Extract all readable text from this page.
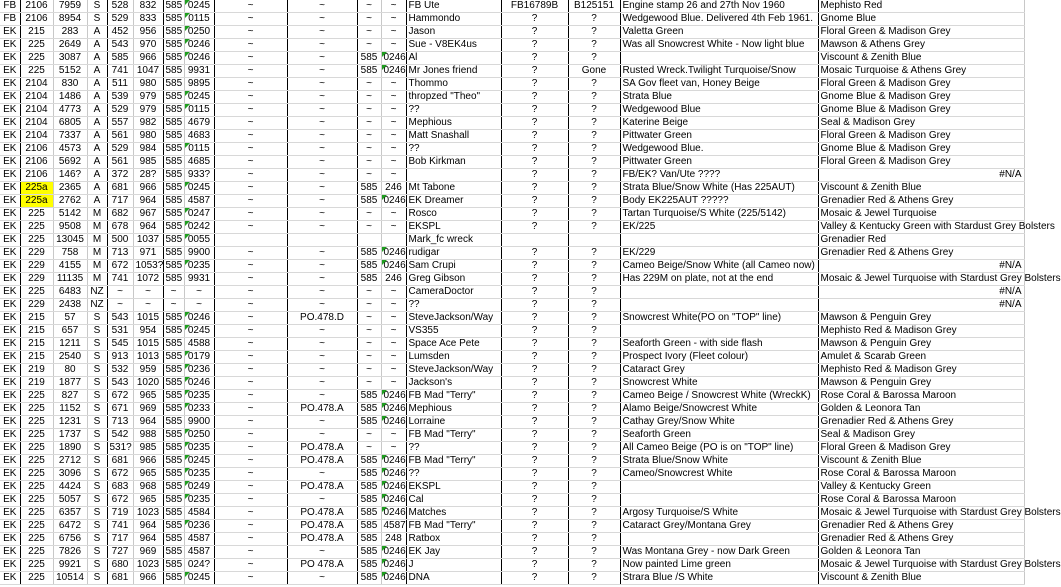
FB	2106	7959	S	528	832	585	0245	~	~	~	~	FB Ute	FB16789B	B125151	Engine stamp 26 and 27th Nov 1960	Mephisto Red
FB	2106	8954	S	529	833	585	0115	~	~	~	~	Hammondo	?	?	Wedgewood Blue. Delivered 4th Feb 1961.	Gnome Blue
EK	215	283	A	452	956	585	0250	~	~	~	~	Jason	?	?	Valetta Green	Floral Green & Madison Grey
EK	225	2649	A	543	970	585	0246	~	~	~	~	Sue - V8EK4us	?	?	Was all Snowcrest White - Now light blue	Mawson & Athens Grey
EK	225	3087	A	585	966	585	0246	~	~	585	0246	Al	?	?		Viscount & Zenith Blue
EK	225	5152	A	741	1047	585	9931	~	~	585	0246	Mr Jones friend	?	Gone	Rusted Wreck.Twilight Turquoise/Snow	Mosaic Turquoise & Athens Grey
EK	2104	830	A	511	980	585	9895	~	~	~	~	Thommo	?	?	SA Gov fleet van, Honey Beige	Floral Green & Madison Grey
EK	2104	1486	A	539	979	585	0245	~	~	~	~	thropzed "Theo"	?	?	Strata Blue	Gnome Blue & Madison Grey
EK	2104	4773	A	529	979	585	0115	~	~	~	~	??	?	?	Wedgewood Blue	Gnome Blue & Madison Grey
EK	2104	6805	A	557	982	585	4679	~	~	~	~	Mephious	?	?	Katerine Beige	Seal & Madison Grey
EK	2104	7337	A	561	980	585	4683	~	~	~	~	Matt Snashall	?	?	Pittwater Green	Floral Green & Madison Grey
EK	2106	4573	A	529	984	585	0115	~	~	~	~	??	?	?	Wedgewood Blue.	Gnome Blue & Madison Grey
EK	2106	5692	A	561	985	585	4685	~	~	~	~	Bob Kirkman	?	?	Pittwater Green	Floral Green & Madison Grey
EK	2106	146?	A	372	28?	585	933?	~	~	~	~		?	?	FB/EK? Van/Ute ????	#N/A
EK	225a	2365	A	681	966	585	0245	~	~	585	246	Mt Tabone	?	?	Strata Blue/Snow White (Has 225AUT)	Viscount & Zenith Blue
EK	225a	2762	A	717	964	585	4587	~	~	585	0246	EK Dreamer	?	?	Body EK225AUT ?????	Grenadier Red & Athens Grey
EK	225	5142	M	682	967	585	0247	~	~	~	~	Rosco	?	?	Tartan Turquoise/S White (225/5142)	Mosaic & Jewel Turquoise
EK	225	9508	M	678	964	585	0242	~	~	~	~	EKSPL	?	?	EK/225	Valley & Kentucky Green with Stardust Grey Bolsters
EK	225	13045	M	500	1037	585	0055					Mark_fc wreck				Grenadier Red
EK	229	758	M	713	971	585	9900	~	~	585	0246	rudigar	?	?	EK/229	Grenadier Red & Athens Grey
EK	229	4155	M	672	1053?	585	0235	~	~	585	0246	Sam Crupi	?	?	Cameo Beige/Snow White (all Cameo now)	#N/A
EK	229	11135	M	741	1072	585	9931	~	~	585	246	Greg Gibson	?	?	Has 229M on plate, not at the end	Mosaic & Jewel Turquoise with Stardust Grey Bolsters
EK	225	6483	NZ	~	~	~	~	~	~	~	~	CameraDoctor	?	?		#N/A
EK	229	2438	NZ	~	~	~	~	~	~	~	~	??	?	?		#N/A
EK	215	57	S	543	1015	585	0246	~	PO.478.D	~	~	SteveJackson/Way	?	?	Snowcrest White(PO on "TOP" line)	Mawson & Penguin Grey
EK	215	657	S	531	954	585	0245	~	~	~	~	VS355	?	?		Mephisto Red & Madison Grey
EK	215	1211	S	545	1015	585	4588	~	~	~	~	Space Ace Pete	?	?	Seaforth Green - with side flash	Mawson & Penguin Grey
EK	215	2540	S	913	1013	585	0179	~	~	~	~	Lumsden	?	?	Prospect Ivory (Fleet colour)	Amulet & Scarab Green
EK	219	80	S	532	959	585	0236	~	~	~	~	SteveJackson/Way	?	?	Cataract Grey	Mephisto Red & Madison Grey
EK	219	1877	S	543	1020	585	0246	~	~	~	~	Jackson's	?	?	Snowcrest White	Mawson & Penguin Grey
EK	225	827	S	672	965	585	0235	~	~	585	0246	FB Mad "Terry"	?	?	Cameo Beige / Snowcrest White (WreckK)	Rose Coral & Barossa Maroon
EK	225	1152	S	671	969	585	0233	~	PO.478.A	585	0246	Mephious	?	?	Alamo Beige/Snowcrest White	Golden & Leonora Tan
EK	225	1231	S	713	964	585	9900	~	~	585	0246	Lorraine	?	?	Cathay Grey/Snow White	Grenadier Red & Athens Grey
EK	225	1737	S	542	988	585	0250	~	~	~	~	FB Mad "Terry"	?	?	Seaforth Green	Seal & Madison Grey
EK	225	1890	S	531?	985	585	0235	~	PO.478.A	~	~	??	?	?	All Cameo Beige (PO is on "TOP" line)	Floral Green & Madison Grey
EK	225	2712	S	681	966	585	0245	~	PO.478.A	585	0246	FB Mad "Terry"	?	?	Strata Blue/Snow White	Viscount & Zenith Blue
EK	225	3096	S	672	965	585	0235	~	~	585	0246	??	?	?	Cameo/Snowcrest White	Rose Coral & Barossa Maroon
EK	225	4424	S	683	968	585	0249	~	PO.478.A	585	0246	EKSPL	?	?		Valley & Kentucky Green
EK	225	5057	S	672	965	585	0235	~	~	585	0246	Cal	?	?		Rose Coral & Barossa Maroon
EK	225	6357	S	719	1023	585	4584	~	PO.478.A	585	0246	Matches	?	?	Argosy Turquoise/S White	Mosaic & Jewel Turquoise with Stardust Grey Bolsters
EK	225	6472	S	741	964	585	0236	~	PO.478.A	585	4587	FB Mad "Terry"	?	?	Cataract Grey/Montana Grey	Grenadier Red & Athens Grey
EK	225	6756	S	717	964	585	4587	~	PO.478.A	585	248	Ratbox	?	?		Grenadier Red & Athens Grey
EK	225	7826	S	727	969	585	4587	~	~	585	0246	EK Jay	?	?	Was Montana Grey - now Dark Green	Golden & Leonora Tan
EK	225	9921	S	680	1023	585	024?	~	PO 478.A	585	0246	J	?	?	Now painted Lime green	Mosaic & Jewel Turquoise with Stardust Grey Bolsters
EK	225	10514	S	681	966	585	0245	~	~	585	0246	DNA	?	?	Strara Blue /S White	Viscount & Zenith Blue
